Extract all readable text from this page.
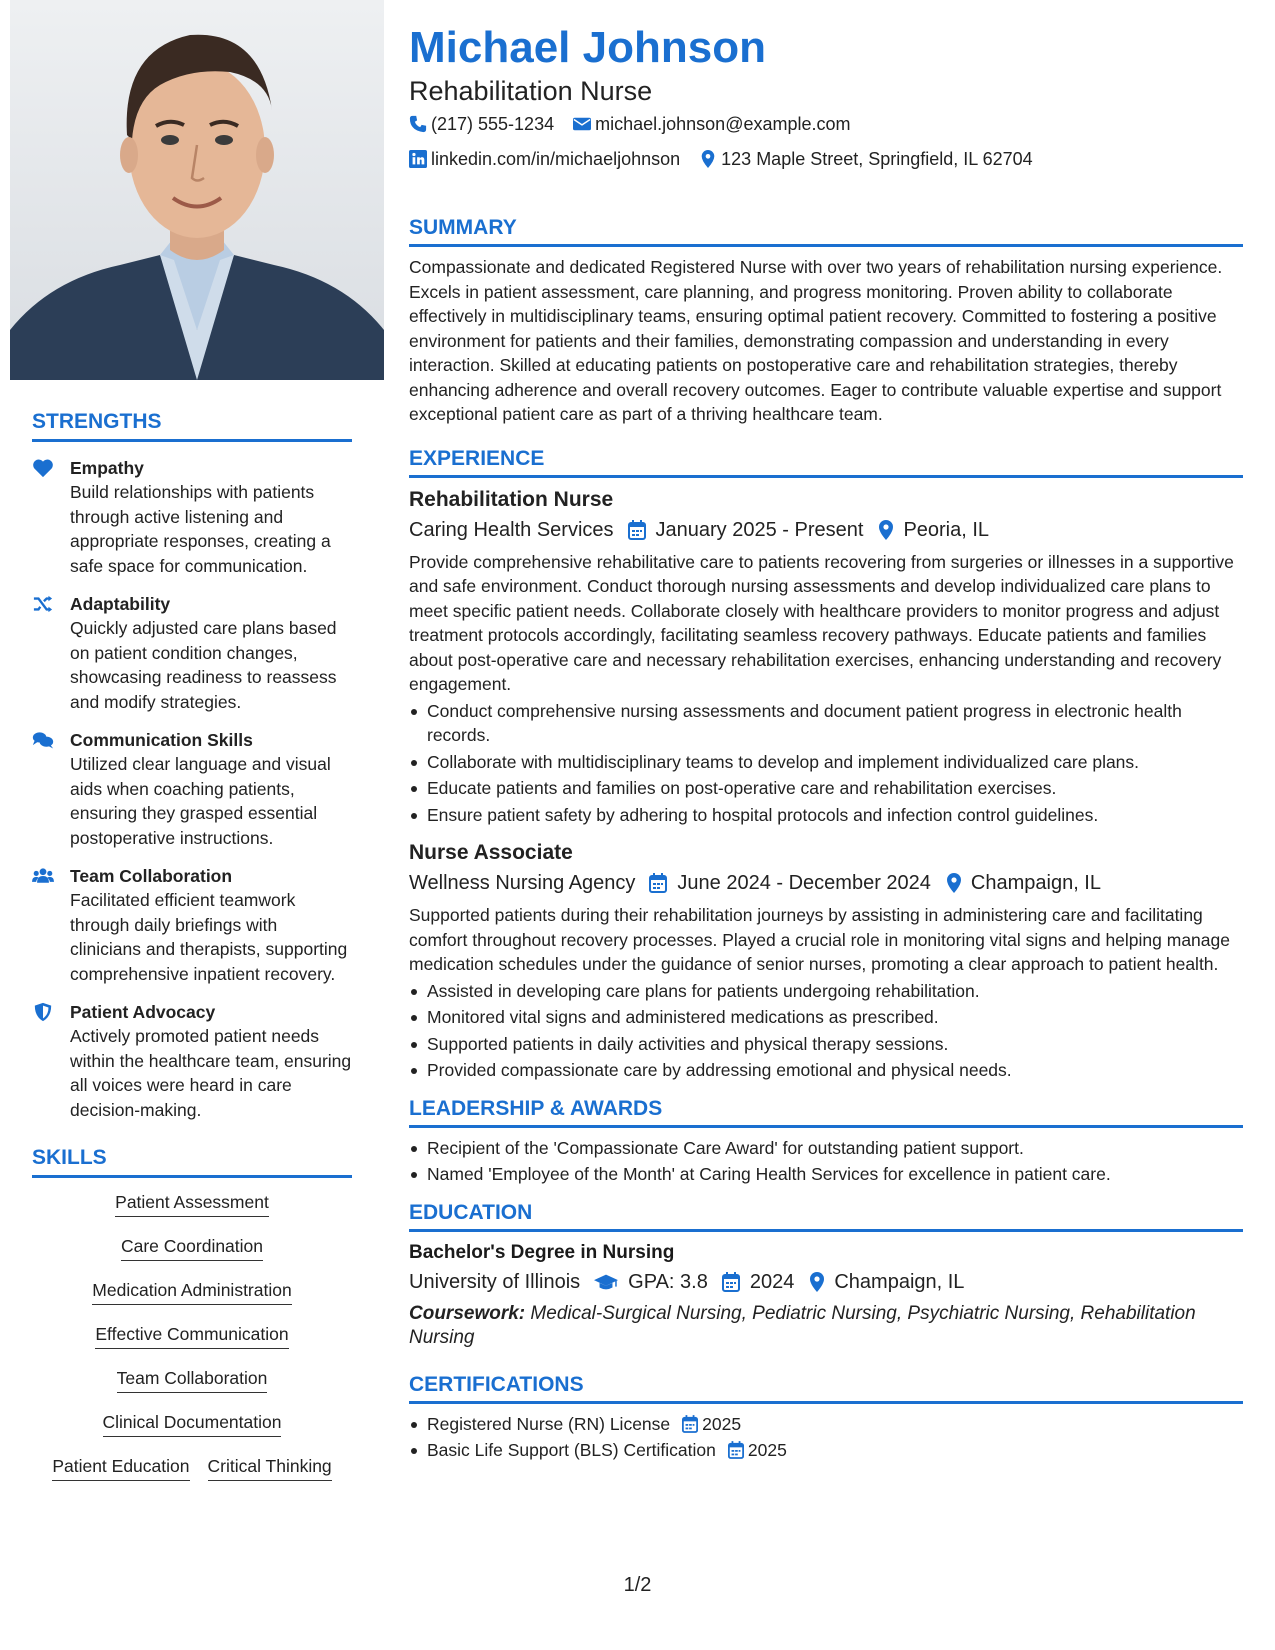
STRENGTHS
Empathy
Build relationships with patients through active listening and appropriate responses, creating a safe space for communication.
Adaptability
Quickly adjusted care plans based on patient condition changes, showcasing readiness to reassess and modify strategies.
Communication Skills
Utilized clear language and visual aids when coaching patients, ensuring they grasped essential postoperative instructions.
Team Collaboration
Facilitated efficient teamwork through daily briefings with clinicians and therapists, supporting comprehensive inpatient recovery.
Patient Advocacy
Actively promoted patient needs within the healthcare team, ensuring all voices were heard in care decision-making.
SKILLS
Patient Assessment
Care Coordination
Medication Administration
Effective Communication
Team Collaboration
Clinical Documentation
Patient Education Critical Thinking
Michael Johnson
Rehabilitation Nurse
(217) 555-1234
michael.johnson@example.com

linkedin.com/in/michaeljohnson
123 Maple Street, Springfield, IL 62704
SUMMARY
Compassionate and dedicated Registered Nurse with over two years of rehabilitation nursing experience. Excels in patient assessment, care planning, and progress monitoring. Proven ability to collaborate effectively in multidisciplinary teams, ensuring optimal patient recovery. Committed to fostering a positive environment for patients and their families, demonstrating compassion and understanding in every interaction. Skilled at educating patients on postoperative care and rehabilitation strategies, thereby enhancing adherence and overall recovery outcomes. Eager to contribute valuable expertise and support exceptional patient care as part of a thriving healthcare team.
EXPERIENCE
Rehabilitation Nurse
Caring Health Services January 2025 - Present Peoria, IL
Provide comprehensive rehabilitative care to patients recovering from surgeries or illnesses in a supportive and safe environment. Conduct thorough nursing assessments and develop individualized care plans to meet specific patient needs. Collaborate closely with healthcare providers to monitor progress and adjust treatment protocols accordingly, facilitating seamless recovery pathways. Educate patients and families about post-operative care and necessary rehabilitation exercises, enhancing understanding and recovery engagement.
Conduct comprehensive nursing assessments and document patient progress in electronic health records.
Collaborate with multidisciplinary teams to develop and implement individualized care plans.
Educate patients and families on post-operative care and rehabilitation exercises.
Ensure patient safety by adhering to hospital protocols and infection control guidelines.
Nurse Associate
Wellness Nursing Agency June 2024 - December 2024 Champaign, IL
Supported patients during their rehabilitation journeys by assisting in administering care and facilitating comfort throughout recovery processes. Played a crucial role in monitoring vital signs and helping manage medication schedules under the guidance of senior nurses, promoting a clear approach to patient health.
Assisted in developing care plans for patients undergoing rehabilitation.
Monitored vital signs and administered medications as prescribed.
Supported patients in daily activities and physical therapy sessions.
Provided compassionate care by addressing emotional and physical needs.
LEADERSHIP & AWARDS
Recipient of the 'Compassionate Care Award' for outstanding patient support.
Named 'Employee of the Month' at Caring Health Services for excellence in patient care.
EDUCATION
Bachelor's Degree in Nursing
University of Illinois GPA: 3.8 2024 Champaign, IL
Coursework: Medical-Surgical Nursing, Pediatric Nursing, Psychiatric Nursing, Rehabilitation Nursing
CERTIFICATIONS
Registered Nurse (RN) License 2025
Basic Life Support (BLS) Certification 2025
1/2
